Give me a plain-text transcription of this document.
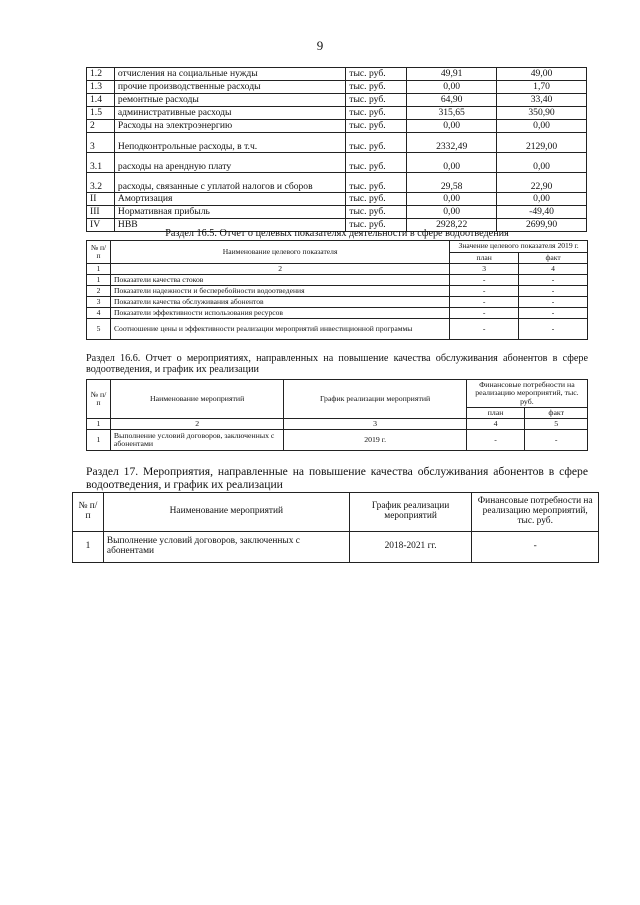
9
1.2	отчисления на социальные нужды	тыс. руб.	49,91	49,00
1.3	прочие производственные расходы	тыс. руб.	0,00	1,70
1.4	ремонтные расходы	тыс. руб.	64,90	33,40
1.5	административные расходы	тыс. руб.	315,65	350,90
2	Расходы на электроэнергию	тыс. руб.	0,00	0,00
3	Неподконтрольные расходы, в т.ч.	тыс. руб.	2332,49	2129,00
3.1	расходы на арендную плату	тыс. руб.	0,00	0,00
3.2	расходы, связанные с уплатой налогов и сборов	тыс. руб.	29,58	22,90
II	Амортизация	тыс. руб.	0,00	0,00
III	Нормативная прибыль	тыс. руб.	0,00	-49,40
IV	НВВ	тыс. руб.	2928,22	2699,90
Раздел 16.5. Отчет о целевых показателях деятельности в сфере водоотведения
№ п/п	Наименование целевого показателя	Значение целевого показателя 2019 г.	
		план	факт
1	2	3	4
1	Показатели качества стоков	-	-
2	Показатели надежности и бесперебойности водоотведения	-	-
3	Показатели качества обслуживания абонентов	-	-
4	Показатели эффективности использования ресурсов	-	-
5	Соотношение цены и эффективности реализации мероприятий инвестиционной программы	-	-
Раздел 16.6. Отчет о мероприятиях, направленных на повышение качества обслуживания абонентов в сфере водоотведения, и график их реализации
№ п/п	Наименование мероприятий	График реализации мероприятий	Финансовые потребности на реализацию мероприятий, тыс. руб.	
			план	факт
1	2	3	4	5
1	Выполнение условий договоров, заключенных с абонентами	2019 г.	-	-
Раздел 17. Мероприятия, направленные на повышение качества обслуживания абонентов в сфере водоотведения, и график их реализации
№ п/п	Наименование мероприятий	График реализации мероприятий	Финансовые потребности на реализацию мероприятий, тыс. руб.
1	Выполнение условий договоров, заключенных с абонентами	2018-2021 гг.	-
